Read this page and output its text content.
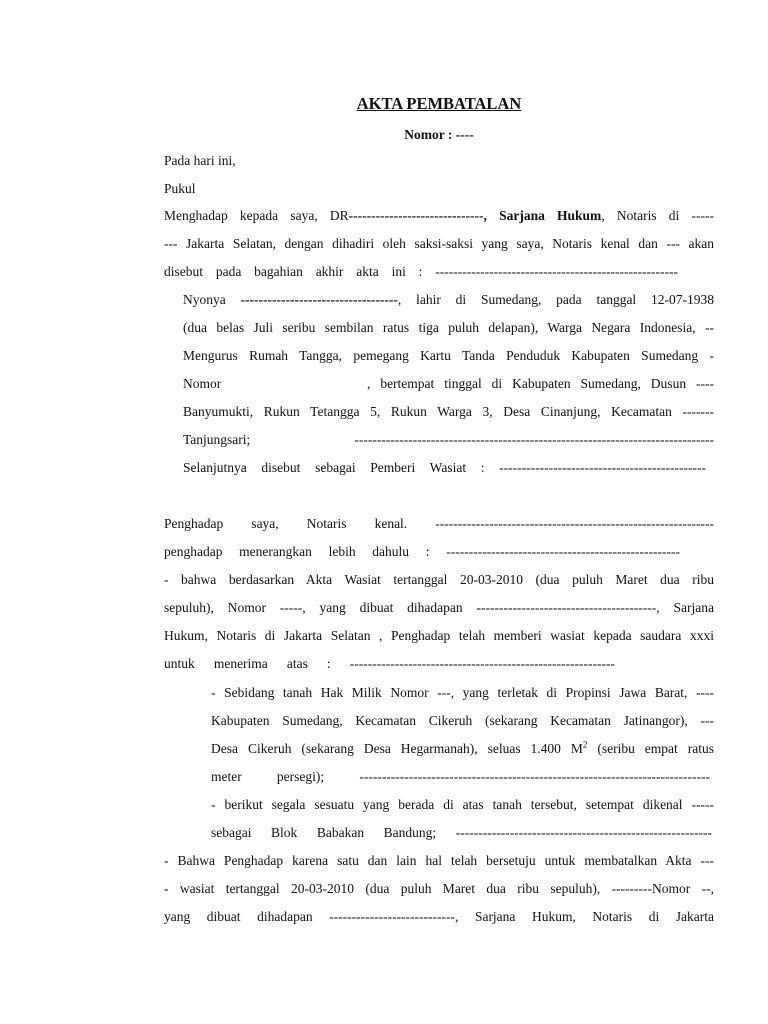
AKTA PEMBATALAN
Nomor : ----
Pada hari ini,
Pukul
Menghadap kepada saya, DR------------------------------, Sarjana Hukum, Notaris di -----
--- Jakarta Selatan, dengan dihadiri oleh saksi-saksi yang saya, Notaris kenal dan --- akan
disebut pada bagahian akhir akta ini : ------------------------------------------------------
Nyonya -----------------------------------, lahir di Sumedang, pada tanggal 12-07-1938
(dua belas Juli seribu sembilan ratus tiga puluh delapan), Warga Negara Indonesia, --
Mengurus Rumah Tangga, pemegang Kartu Tanda Penduduk Kabupaten Sumedang -
Nomor	, bertempat tinggal di Kabupaten Sumedang, Dusun ----
Banyumukti, Rukun Tetangga 5, Rukun Warga 3, Desa Cinanjung, Kecamatan -------
Tanjungsari; --------------------------------------------------------------------------------
Selanjutnya disebut sebagai Pemberi Wasiat : ----------------------------------------------
Penghadap saya, Notaris kenal. --------------------------------------------------------------
penghadap menerangkan lebih dahulu : ----------------------------------------------------
- bahwa berdasarkan Akta Wasiat tertanggal 20-03-2010 (dua puluh Maret dua ribu
sepuluh), Nomor -----, yang dibuat dihadapan ----------------------------------------, Sarjana
Hukum, Notaris di Jakarta Selatan , Penghadap telah memberi wasiat kepada saudara xxxi
untuk menerima atas : -----------------------------------------------------------
- Sebidang tanah Hak Milik Nomor ---, yang terletak di Propinsi Jawa Barat, ----
Kabupaten Sumedang, Kecamatan Cikeruh (sekarang Kecamatan Jatinangor), ---
Desa Cikeruh (sekarang Desa Hegarmanah), seluas 1.400 $M^2$ (seribu empat ratus
meter persegi); ------------------------------------------------------------------------------
- berikut segala sesuatu yang berada di atas tanah tersebut, setempat dikenal -----
sebagai Blok Babakan Bandung; ---------------------------------------------------------
- Bahwa Penghadap karena satu dan lain hal telah bersetuju untuk membatalkan Akta ---
- wasiat tertanggal 20-03-2010 (dua puluh Maret dua ribu sepuluh), ---------Nomor --,
yang dibuat dihadapan ----------------------------, Sarjana Hukum, Notaris di Jakarta
